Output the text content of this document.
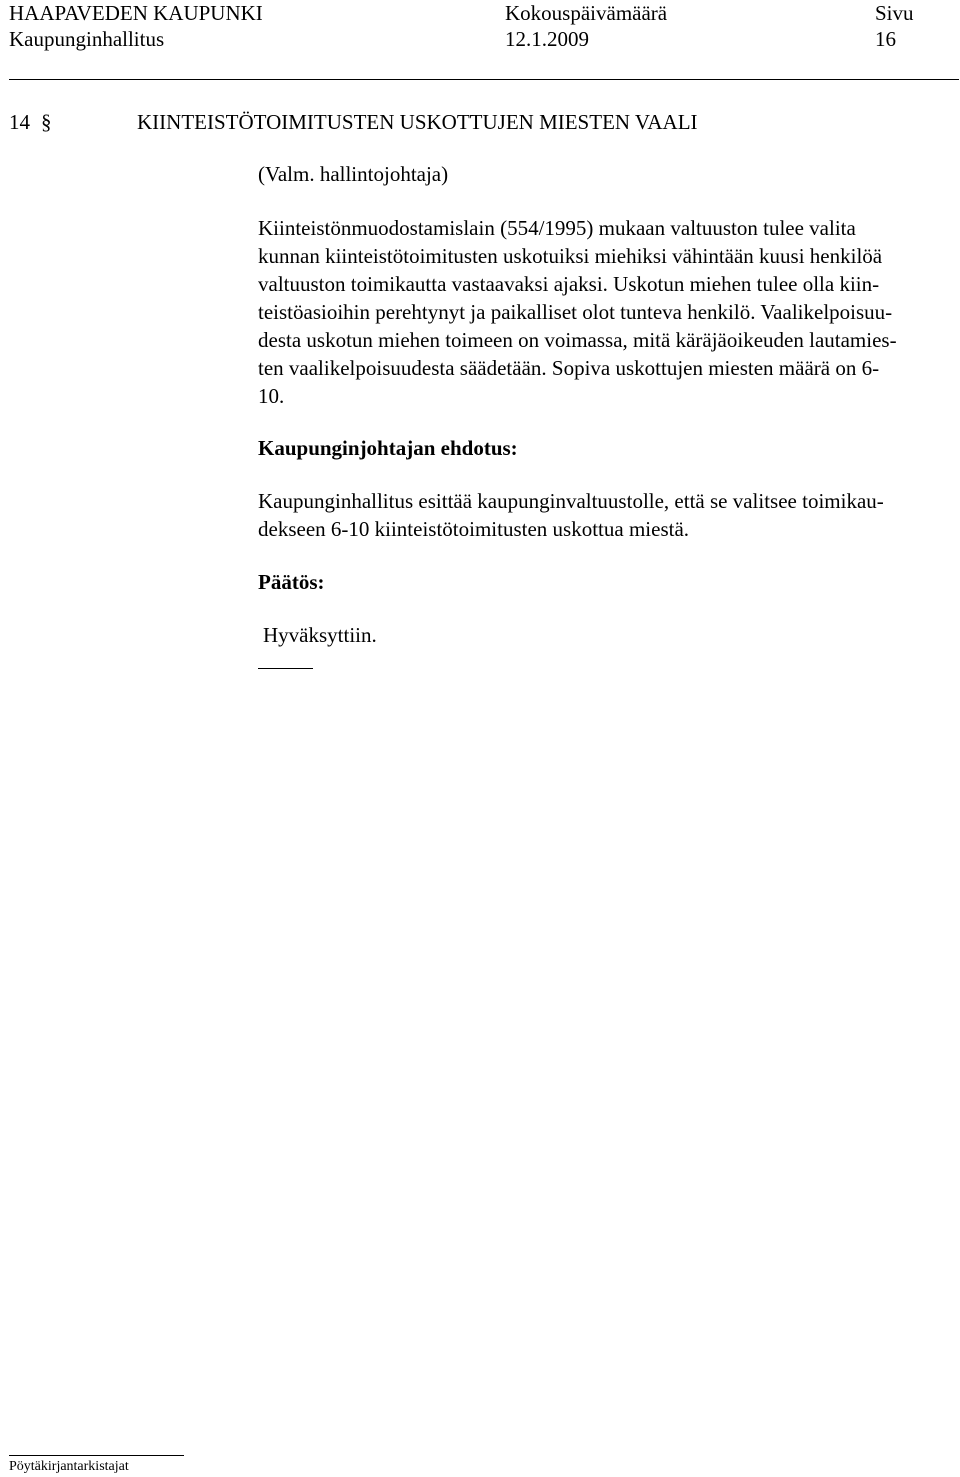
HAAPAVEDEN KAUPUNKI
Kaupunginhallitus
Kokouspäivämäärä
12.1.2009
Sivu
16
14 §	KIINTEISTÖTOIMITUSTEN USKOTTUJEN MIESTEN VAALI

(Valm. hallintojohtaja)

Kiinteistönmuodostamislain (554/1995) mukaan valtuuston tulee valita
kunnan kiinteistötoimitusten uskotuiksi miehiksi vähintään kuusi henkilöä
valtuuston toimikautta vastaavaksi ajaksi. Uskotun miehen tulee olla kiin-
teistöasioihin perehtynyt ja paikalliset olot tunteva henkilö. Vaalikelpoisuu-
desta uskotun miehen toimeen on voimassa, mitä käräjäoikeuden lautamies-
ten vaalikelpoisuudesta säädetään. Sopiva uskottujen miesten määrä on 6-
10.

Kaupunginjohtajan ehdotus:

Kaupunginhallitus esittää kaupunginvaltuustolle, että se valitsee toimikau-
dekseen 6-10 kiinteistötoimitusten uskottua miestä.

Päätös:

Hyväksyttiin.

Pöytäkirjantarkistajat
